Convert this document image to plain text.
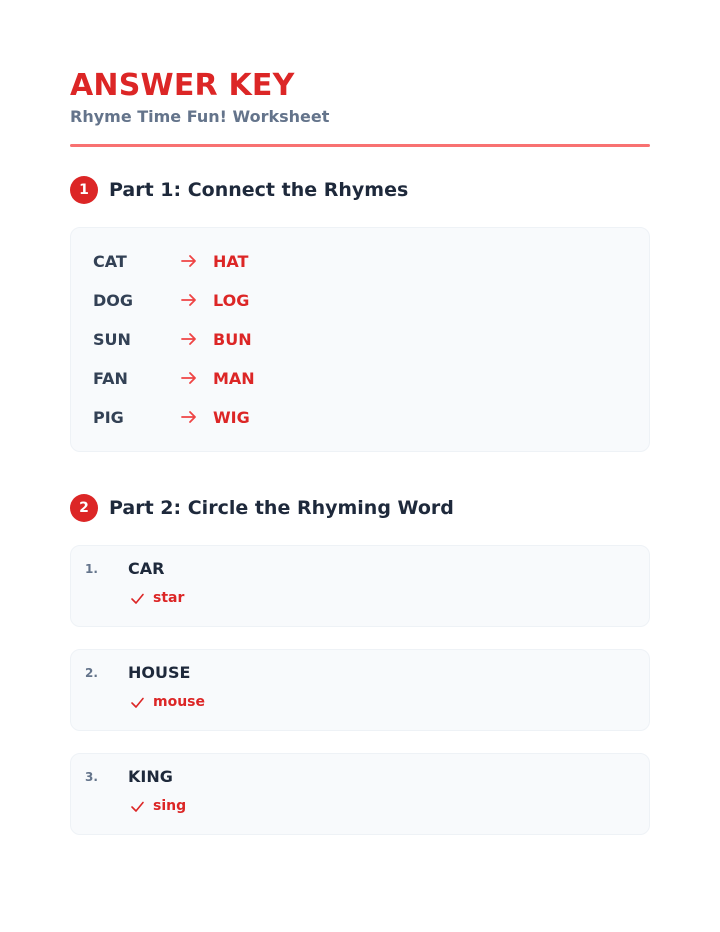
ANSWER KEY
Rhyme Time Fun! Worksheet
1	Part 1: Connect the Rhymes
CAT	HAT
DOG	LOG
SUN	BUN
FAN	MAN
PIG	WIG
2	Part 2: Circle the Rhyming Word
1. CAR
star
2. HOUSE
mouse
3. KING
sing
